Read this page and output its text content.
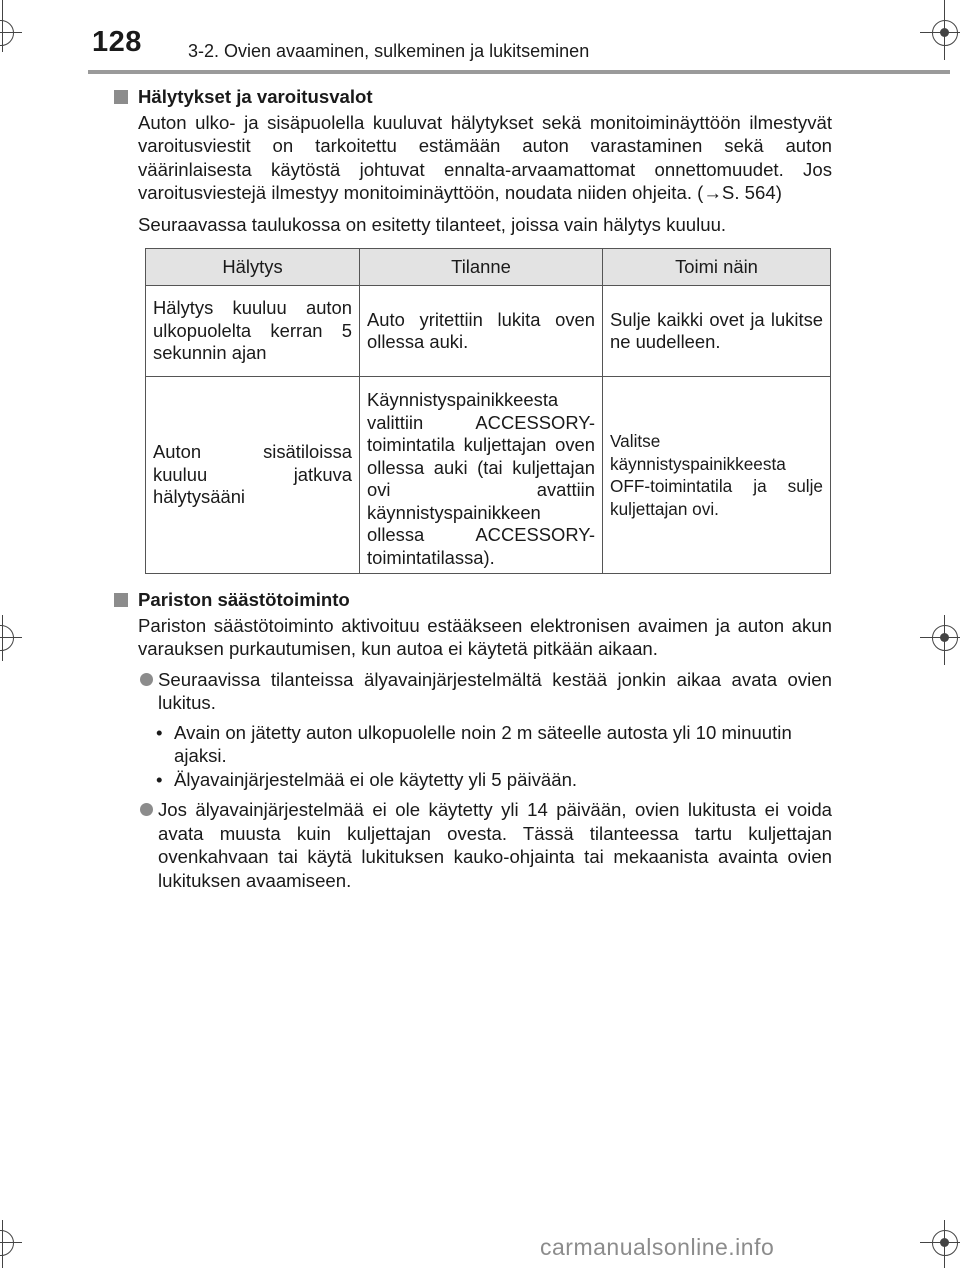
128	3-2. Ovien avaaminen, sulkeminen ja lukitseminen
Hälytykset ja varoitusvalot

Auton ulko- ja sisäpuolella kuuluvat hälytykset sekä monitoiminäyttöön ilmestyvät varoitusviestit on tarkoitettu estämään auton varastaminen sekä auton väärinlaisesta käytöstä johtuvat ennalta-arvaamattomat onnettomuudet. Jos varoitusviestejä ilmestyy monitoiminäyttöön, noudata niiden ohjeita. (→S. 564)

Seuraavassa taulukossa on esitetty tilanteet, joissa vain hälytys kuuluu.

Hälytys	Tilanne	Toimi näin
Hälytys kuuluu auton ulkopuolelta kerran 5 sekunnin ajan	Auto yritettiin lukita oven ollessa auki.	Sulje kaikki ovet ja lukitse ne uudelleen.
Auton sisätiloissa kuuluu jatkuva hälytysääni	Käynnistyspainikkeesta valittiin ACCESSORY-toimintatila kuljettajan oven ollessa auki (tai kuljettajan ovi avattiin käynnistyspainikkeen ollessa ACCESSORY-toimintatilassa).	Valitse käynnistyspainikkeesta OFF-toimintatila ja sulje kuljettajan ovi.
Pariston säästötoiminto

Pariston säästötoiminto aktivoituu estääkseen elektronisen avaimen ja auton akun varauksen purkautumisen, kun autoa ei käytetä pitkään aikaan.

Seuraavissa tilanteissa älyavainjärjestelmältä kestää jonkin aikaa avata ovien lukitus.

• Avain on jätetty auton ulkopuolelle noin 2 m säteelle autosta yli 10 minuutin ajaksi.

• Älyavainjärjestelmää ei ole käytetty yli 5 päivään.

Jos älyavainjärjestelmää ei ole käytetty yli 14 päivään, ovien lukitusta ei voida avata muusta kuin kuljettajan ovesta. Tässä tilanteessa tartu kuljettajan ovenkahvaan tai käytä lukituksen kauko-ohjainta tai mekaanista avainta ovien lukituksen avaamiseen.

carmanualsonline.info
